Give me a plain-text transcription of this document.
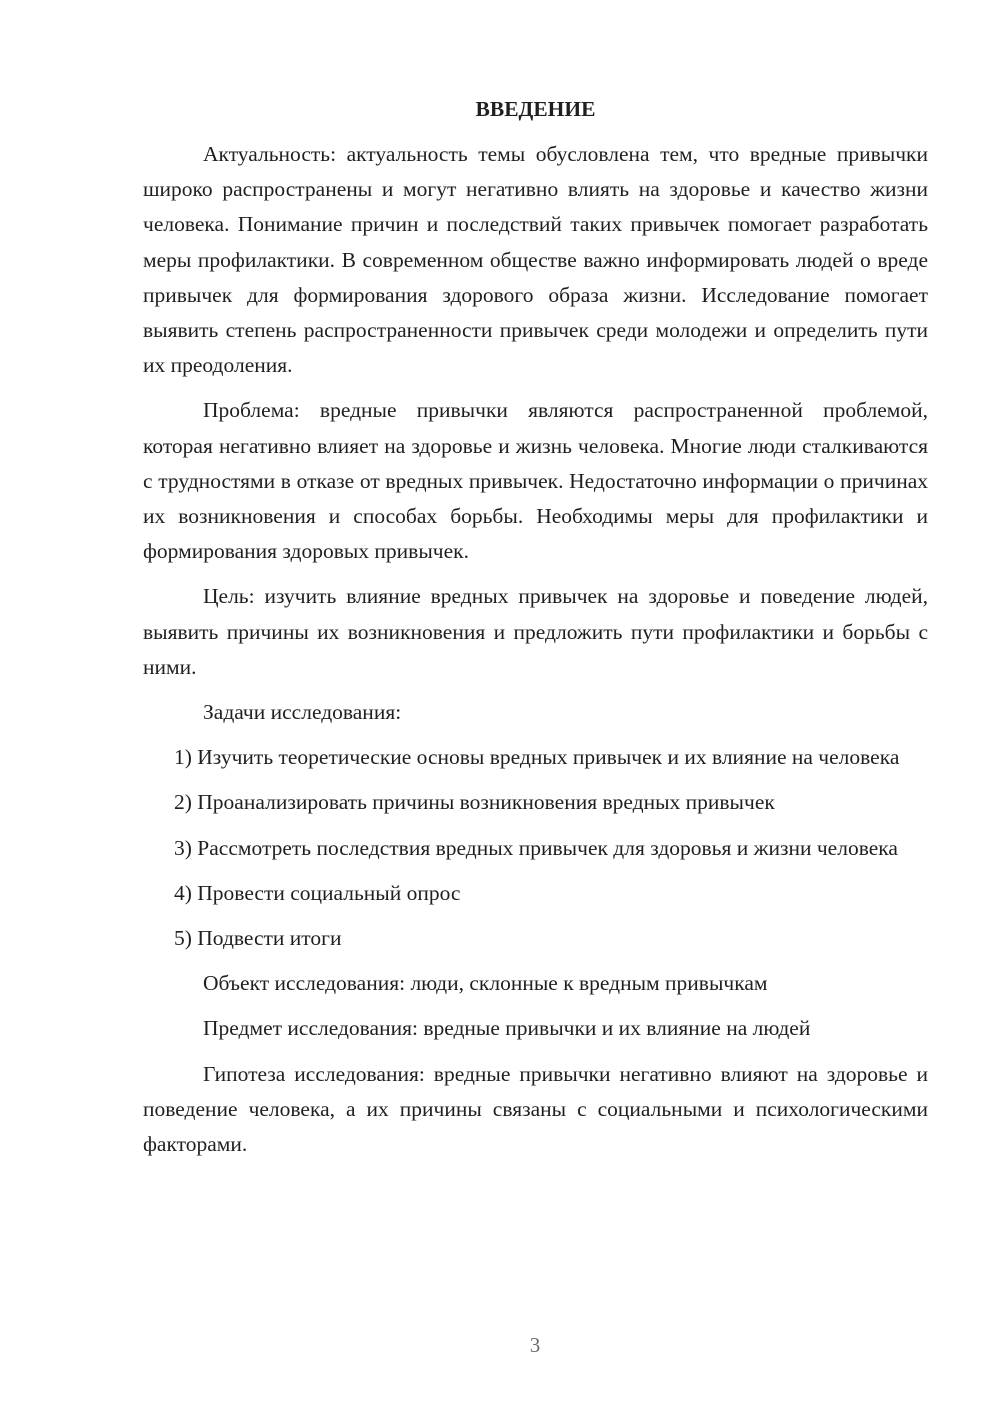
ВВЕДЕНИЕ

Актуальность: актуальность темы обусловлена тем, что вредные привычки широко распространены и могут негативно влиять на здоровье и качество жизни человека. Понимание причин и последствий таких привычек помогает разработать меры профилактики. В современном обществе важно информировать людей о вреде привычек для формирования здорового образа жизни. Исследование помогает выявить степень распространенности привычек среди молодежи и определить пути их преодоления.

Проблема: вредные привычки являются распространенной проблемой, которая негативно влияет на здоровье и жизнь человека. Многие люди сталкиваются с трудностями в отказе от вредных привычек. Недостаточно информации о причинах их возникновения и способах борьбы. Необходимы меры для профилактики и формирования здоровых привычек.

Цель: изучить влияние вредных привычек на здоровье и поведение людей, выявить причины их возникновения и предложить пути профилактики и борьбы с ними.

Задачи исследования:

1) Изучить теоретические основы вредных привычек и их влияние на человека

2) Проанализировать причины возникновения вредных привычек

3) Рассмотреть последствия вредных привычек для здоровья и жизни человека

4) Провести социальный опрос

5) Подвести итоги

Объект исследования: люди, склонные к вредным привычкам

Предмет исследования: вредные привычки и их влияние на людей

Гипотеза исследования: вредные привычки негативно влияют на здоровье и поведение человека, а их причины связаны с социальными и психологическими факторами.

3
